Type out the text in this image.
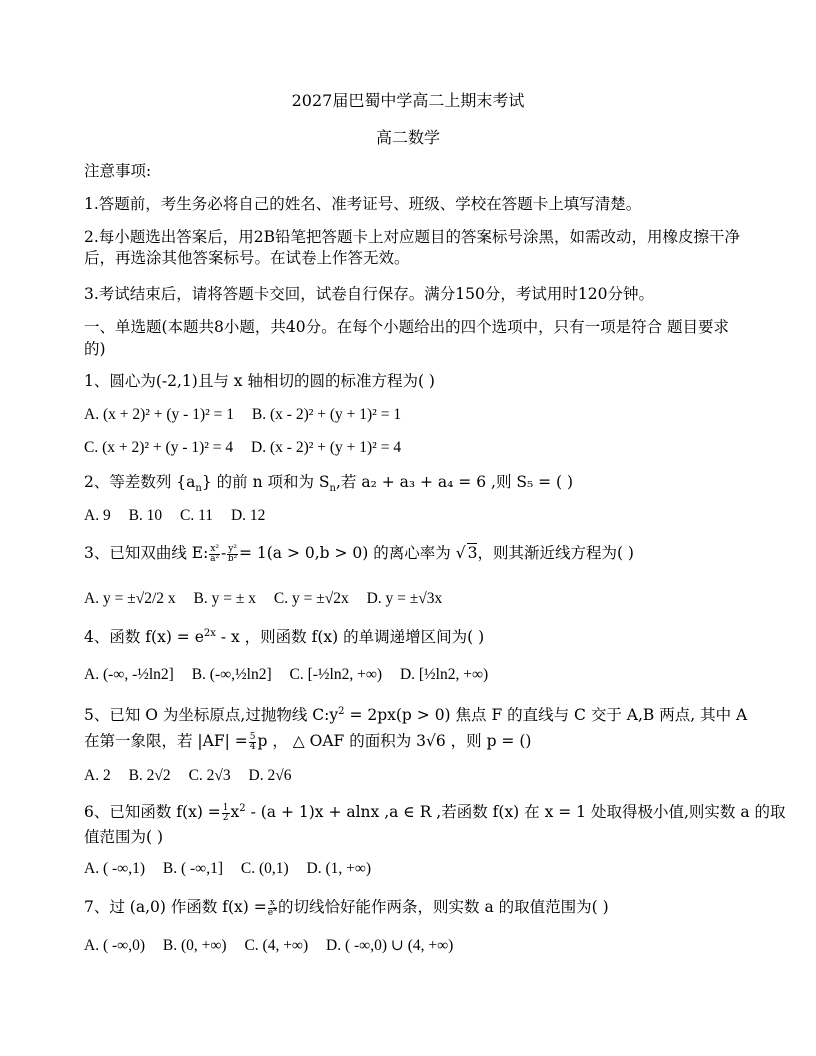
2027届巴蜀中学高二上期末考试
高二数学
注意事项:
1.答题前，考生务必将自己的姓名、准考证号、班级、学校在答题卡上填写清楚。
2.每小题选出答案后，用2B铅笔把答题卡上对应题目的答案标号涂黑，如需改动，用橡皮擦干净后，再选涂其他答案标号。在试卷上作答无效。
3.考试结束后，请将答题卡交回，试卷自行保存。满分150分，考试用时120分钟。
一、单选题(本题共8小题，共40分。在每个小题给出的四个选项中，只有一项是符合 题目要求的)
1、圆心为(-2,1)且与 x 轴相切的圆的标准方程为( )
A. (x + 2)² + (y - 1)² = 1 B. (x - 2)² + (y + 1)² = 1
C. (x + 2)² + (y - 1)² = 4 D. (x - 2)² + (y + 1)² = 4
2、等差数列 $\{a_n\}$ 的前 n 项和为 $S_n$,若 a₂ + a₃ + a₄ = 6 ,则 S₅ = ( )
A. 9 B. 10 C. 11 D. 12
3、已知双曲线 E: $\frac{\text{x²}}{\text{a²}} - \frac{\text{y²}}{\text{b²}} = 1(a > 0,b > 0)$ 的离心率为 √ 3，则其渐近线方程为( )
A. y = ±√2/2 x B. y = ± x C. y = ±√2x D. y = ±√3x
4、函数 $f(x) = e^{2x} - x$ ，则函数 f(x) 的单调递增区间为( )
A. (-∞, -½ln2] B. (-∞,½ln2] C. [-½ln2, +∞) D. [½ln2, +∞)
5、已知 O 为坐标原点,过抛物线 $C:y^2 = 2px(p > 0)$ 焦点 F 的直线与 C 交于 A,B 两点, 其中 A
在第一象限，若 $|AF| = \frac{5}{4}$ p ， △ OAF 的面积为 3√6 ，则 p = ()
A. 2 B. 2√2 C. 2√3 D. 2√6
6、已知函数 $f(x) = \frac{1}{2} x^2 - (a + 1)x + alnx$ ,a ∈ R ,若函数 f(x) 在 x = 1 处取得极小值,则实数 a 的取
值范围为( )
A. ( -∞,1) B. ( -∞,1] C. (0,1) D. (1, +∞)
7、过 (a,0) 作函数 $f(x) = \frac{x}{e^x}$ 的切线恰好能作两条，则实数 a 的取值范围为( )
A. ( -∞,0) B. (0, +∞) C. (4, +∞) D. ( -∞,0) ∪ (4, +∞)
